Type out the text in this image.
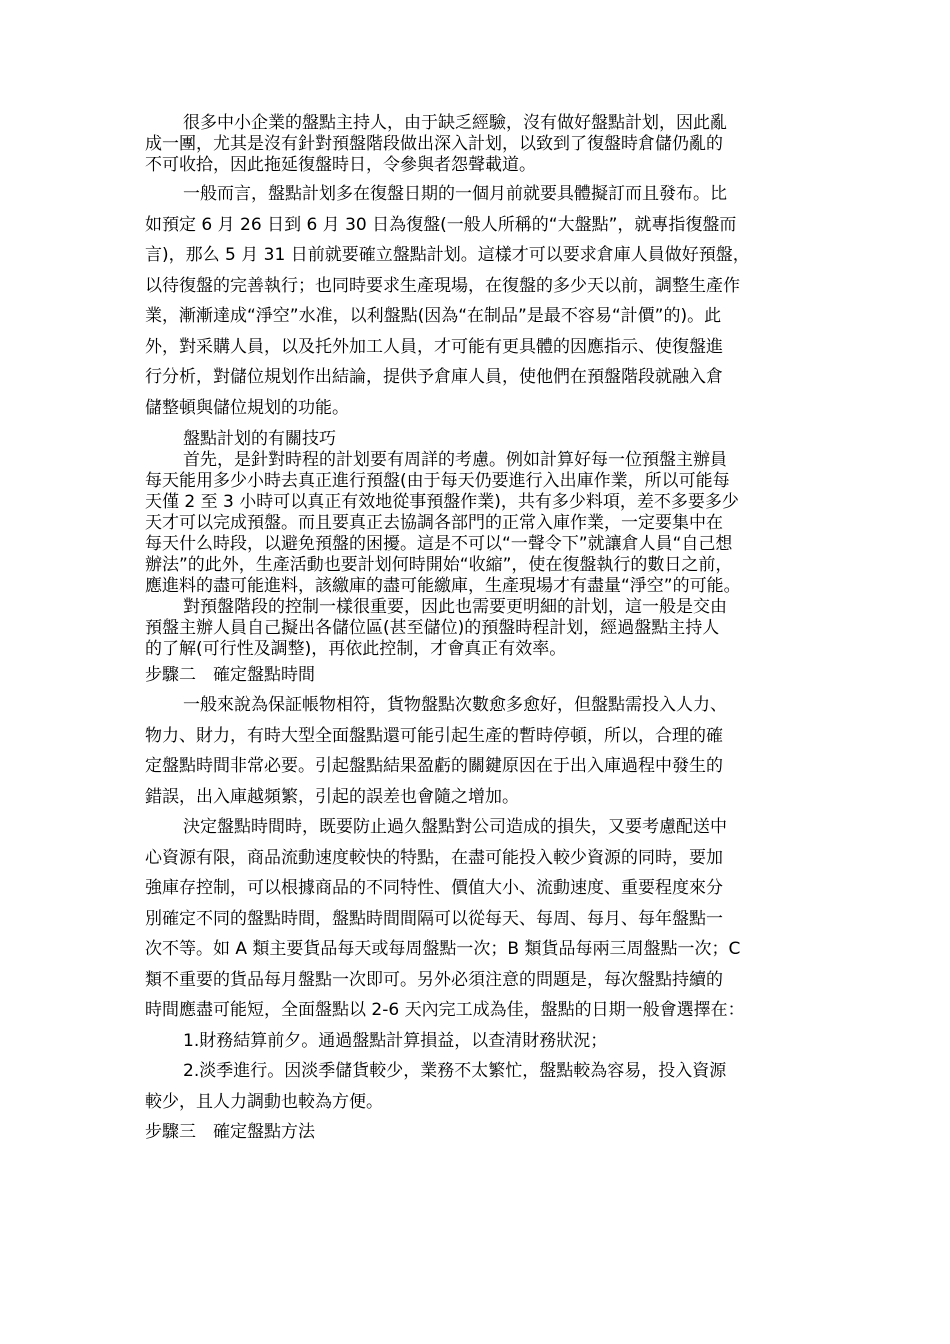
很多中小企業的盤點主持人，由于缺乏經驗，沒有做好盤點計划，因此亂
成一團，尤其是沒有針對預盤階段做出深入計划，以致到了復盤時倉儲仍亂的
不可收拾，因此拖延復盤時日，令參與者怨聲載道。
一般而言，盤點計划多在復盤日期的一個月前就要具體擬訂而且發布。比
如預定 6 月 26 日到 6 月 30 日為復盤(一般人所稱的“大盤點”，就專指復盤而
言)，那么 5 月 31 日前就要確立盤點計划。這樣才可以要求倉庫人員做好預盤，
以待復盤的完善執行；也同時要求生產現場，在復盤的多少天以前，調整生產作
業，漸漸達成“淨空”水准，以利盤點(因為“在制品”是最不容易“計價”的)。此
外，對采購人員，以及托外加工人員，才可能有更具體的因應指示、使復盤進
行分析，對儲位規划作出結論，提供予倉庫人員，使他們在預盤階段就融入倉
儲整頓與儲位規划的功能。
盤點計划的有關技巧
首先，是針對時程的計划要有周詳的考慮。例如計算好每一位預盤主辦員
每天能用多少小時去真正進行預盤(由于每天仍要進行入出庫作業，所以可能每
天僅 2 至 3 小時可以真正有效地從事預盤作業)，共有多少料項，差不多要多少
天才可以完成預盤。而且要真正去協調各部門的正常入庫作業，一定要集中在
每天什么時段，以避免預盤的困擾。這是不可以“一聲令下”就讓倉人員“自己想
辦法”的此外，生產活動也要計划何時開始“收縮”，使在復盤執行的數日之前，
應進料的盡可能進料，該繳庫的盡可能繳庫，生產現場才有盡量“淨空”的可能。
對預盤階段的控制一樣很重要，因此也需要更明細的計划，這一般是交由
預盤主辦人員自己擬出各儲位區(甚至儲位)的預盤時程計划，經過盤點主持人
的了解(可行性及調整)，再依此控制，才會真正有效率。
步驟二　確定盤點時間
一般來說為保証帳物相符，貨物盤點次數愈多愈好，但盤點需投入人力、
物力、財力，有時大型全面盤點還可能引起生產的暫時停頓，所以，合理的確
定盤點時間非常必要。引起盤點結果盈虧的關鍵原因在于出入庫過程中發生的
錯誤，出入庫越頻繁，引起的誤差也會隨之增加。
決定盤點時間時，既要防止過久盤點對公司造成的損失，又要考慮配送中
心資源有限，商品流動速度較快的特點，在盡可能投入較少資源的同時，要加
強庫存控制，可以根據商品的不同特性、價值大小、流動速度、重要程度來分
別確定不同的盤點時間，盤點時間間隔可以從每天、每周、每月、每年盤點一
次不等。如 A 類主要貨品每天或每周盤點一次；B 類貨品每兩三周盤點一次；C
類不重要的貨品每月盤點一次即可。另外必須注意的問題是，每次盤點持續的
時間應盡可能短，全面盤點以 2-6 天內完工成為佳，盤點的日期一般會選擇在：
1.財務結算前夕。通過盤點計算損益，以查清財務狀況；
2.淡季進行。因淡季儲貨較少，業務不太繁忙，盤點較為容易，投入資源
較少，且人力調動也較為方便。
步驟三　確定盤點方法
